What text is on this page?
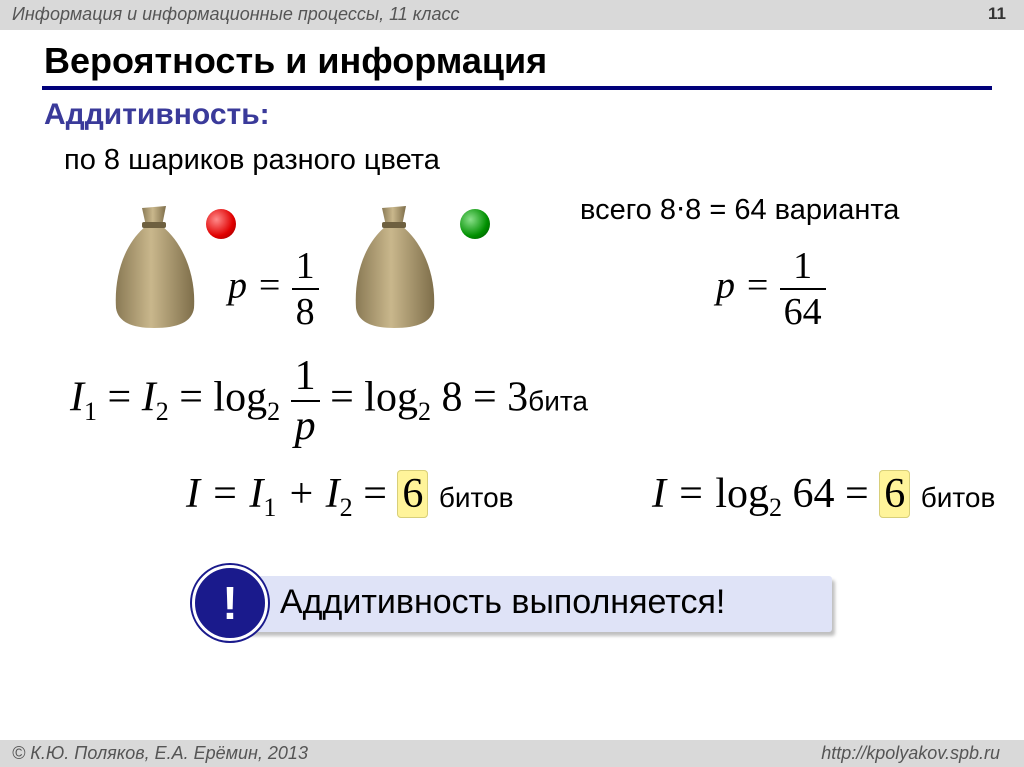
Информация и информационные процессы, 11 класс	11
Вероятность и информация
Аддитивность:
по 8 шариков разного цвета
всего 8⋅8 = 64 варианта
$p = \frac{1}{8}$	$p = \frac{1}{64}$
$I_1 = I_2 = \log_2 \frac{1}{p} = \log_2 8$ = 3бита
$I = I_1 + I_2 = 6$ битов	$I = \log_2 64 = 6$ битов
Аддитивность выполняется!
!
© К.Ю. Поляков, Е.А. Ерёмин, 2013	http://kpolyakov.spb.ru
